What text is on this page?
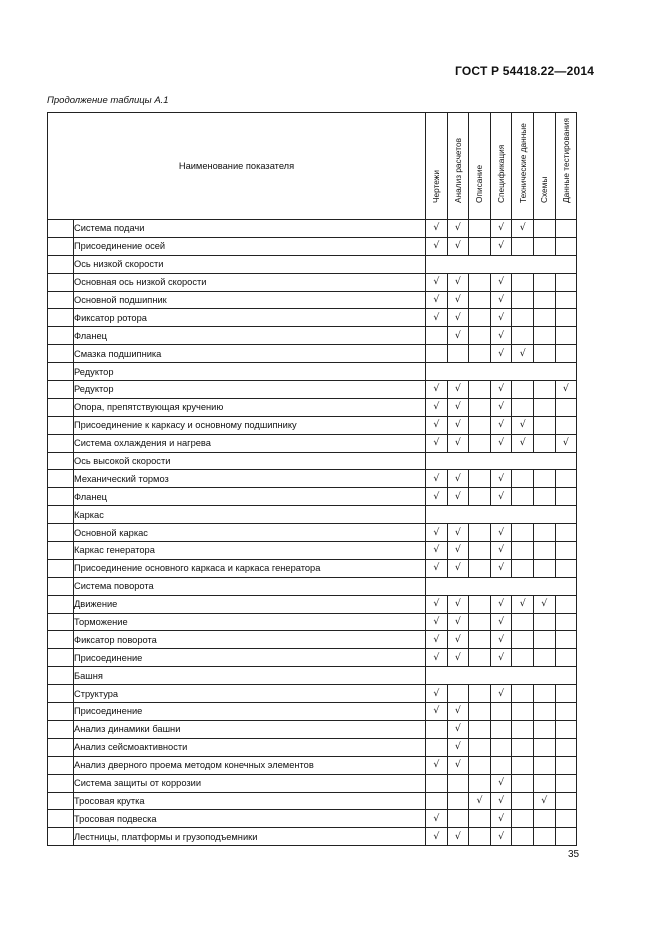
ГОСТ Р 54418.22—2014
Продолжение таблицы А.1
Наименование показателя		Чертежи	Анализ расчетов	Описание	Спецификация	Технические данные	Схемы	Данные тестирования

	Система подачи	√	√		√	√		
	Присоединение осей	√	√		√			
	Ось низкой скорости							
	Основная ось низкой скорости	√	√		√			
	Основной подшипник	√	√		√			
	Фиксатор ротора	√	√		√			
	Фланец		√		√			
	Смазка подшипника				√	√		
	Редуктор							
	Редуктор	√	√		√			√
	Опора, препятствующая кручению	√	√		√			
	Присоединение к каркасу и основному подшипнику	√	√		√	√		
	Система охлаждения и нагрева	√	√		√	√		√
	Ось высокой скорости							
	Механический тормоз	√	√		√			
	Фланец	√	√		√			
	Каркас							
	Основной каркас	√	√		√			
	Каркас генератора	√	√		√			
	Присоединение основного каркаса и каркаса генератора	√	√		√			
	Система поворота							
	Движение	√	√		√	√	√	
	Торможение	√	√		√			
	Фиксатор поворота	√	√		√			
	Присоединение	√	√		√			
	Башня							
	Структура	√			√			
	Присоединение	√	√					
	Анализ динамики башни		√					
	Анализ сейсмоактивности		√					
	Анализ дверного проема методом конечных элементов	√	√					
	Система защиты от коррозии				√			
	Тросовая крутка			√	√		√	
	Тросовая подвеска	√			√			
	Лестницы, платформы и грузоподъемники	√	√		√			
35
